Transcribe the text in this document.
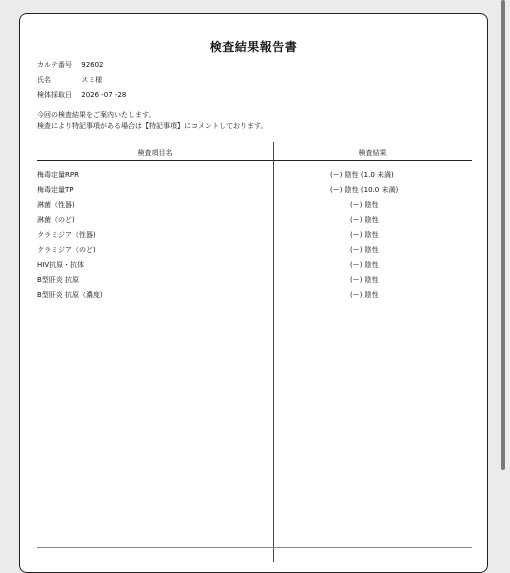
検査結果報告書
カルテ番号 92602
氏名	スミ様
検体採取日 2026 -07 -28
今回の検査結果をご案内いたします。
検査により特記事項がある場合は【特記事項】にコメントしております。
検査項目名	検査結果
梅毒定量RPR	(ー) 陰性 (1.0 未満)
梅毒定量TP	(ー) 陰性 (10.0 未満)
淋菌（性器)	(ー) 陰性
淋菌（のど)	(ー) 陰性
クラミジア（性器)	(ー) 陰性
クラミジア（のど)	(ー) 陰性
HIV抗原・抗体	(ー) 陰性
B型肝炎 抗原	(ー) 陰性
B型肝炎 抗原（濃度)	(ー) 陰性
